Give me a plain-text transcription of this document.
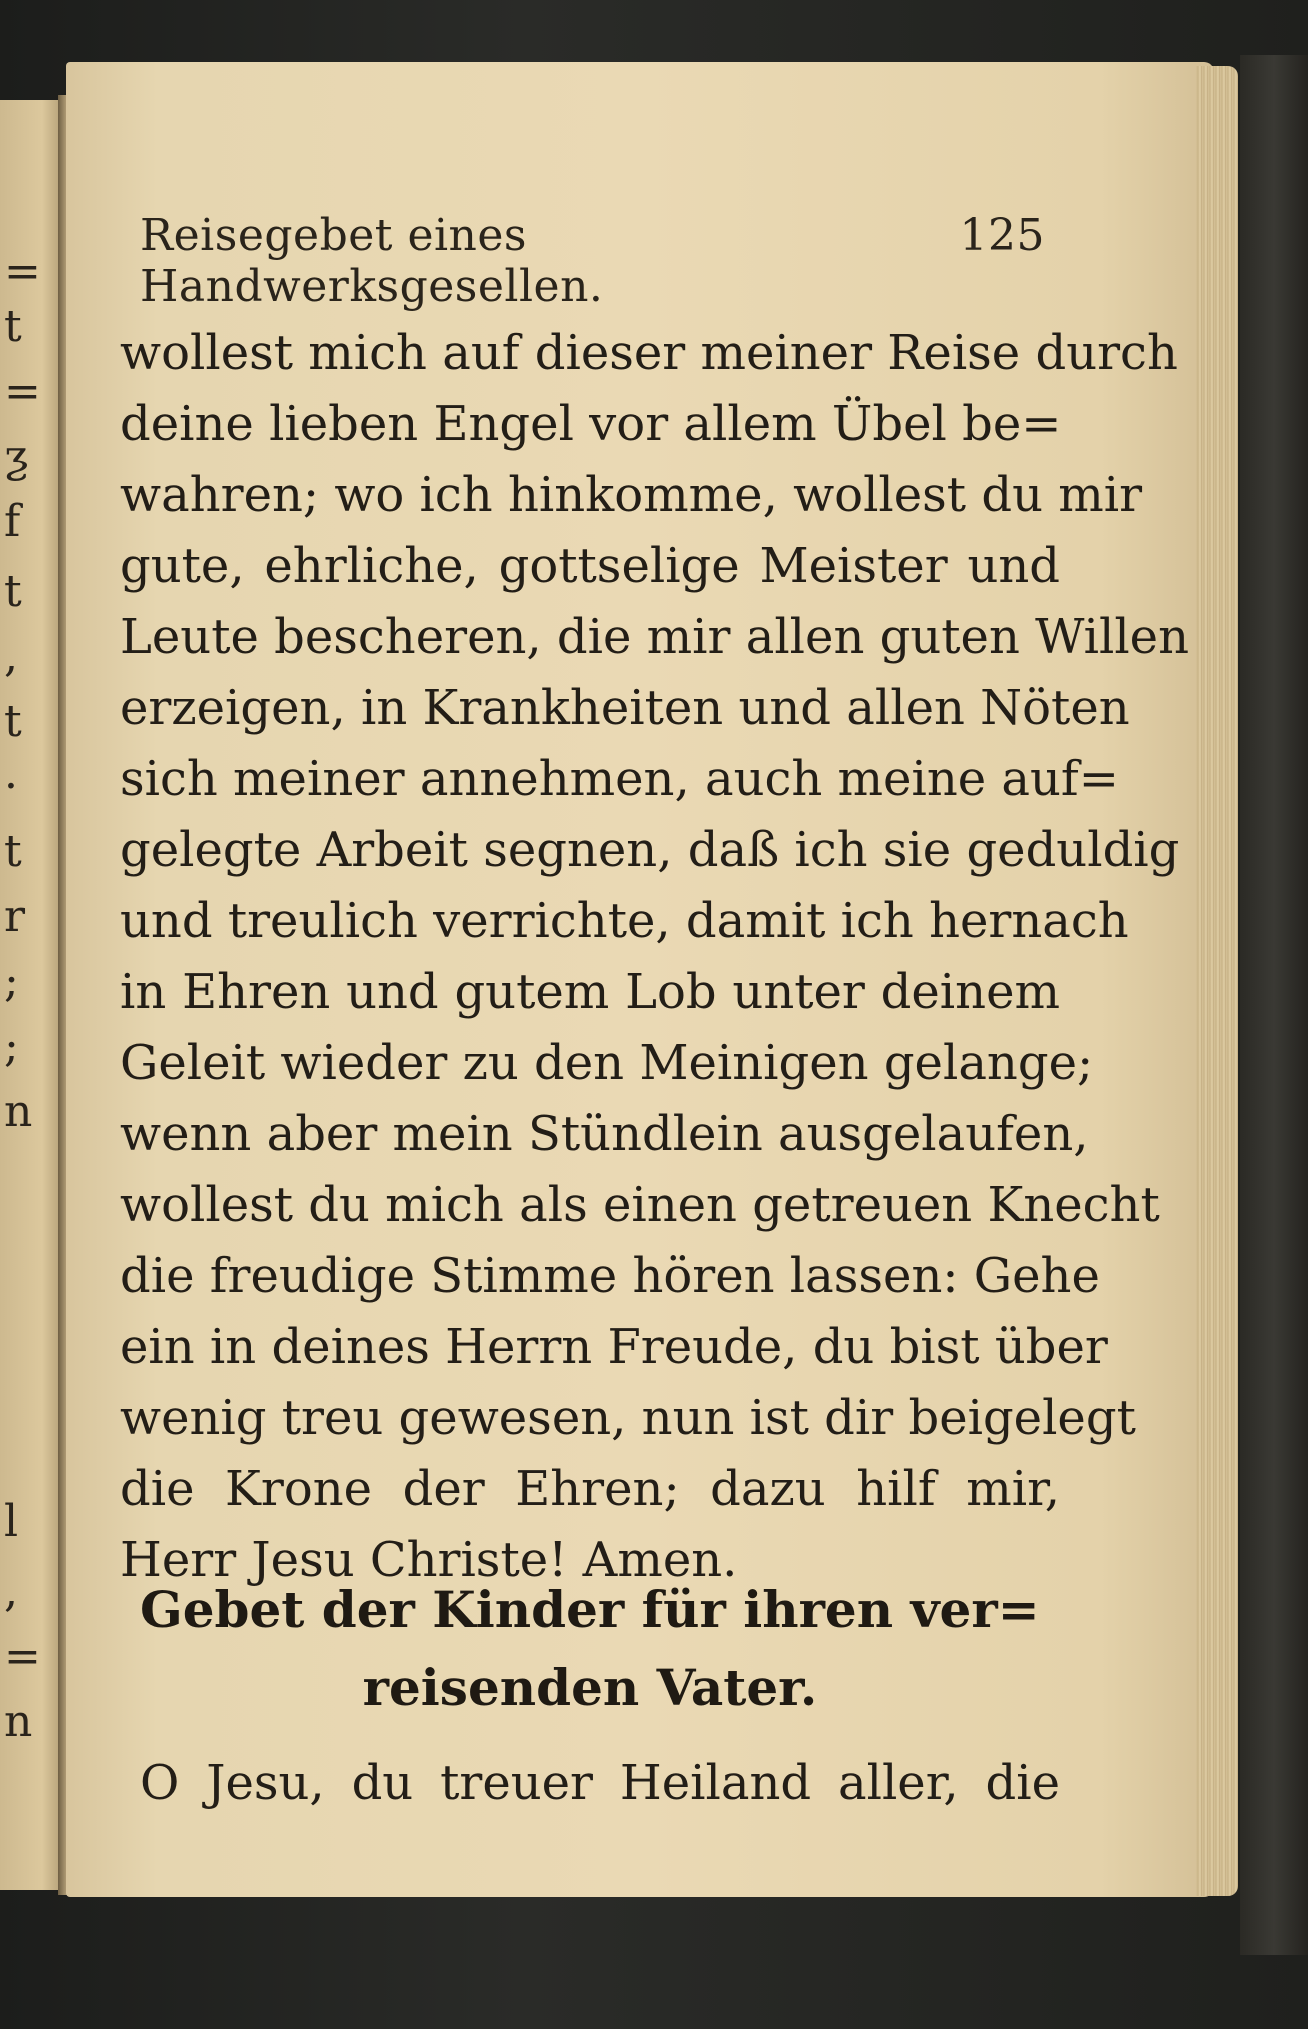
=
t
=
ƺ
f
t
,
t
·
t
r
;
;
n
l
,
=
n
Reisegebet eines Handwerksgesellen.
125
wollest mich auf dieser meiner Reise durch
deine lieben Engel vor allem Übel be=
wahren; wo ich hinkomme, wollest du mir
gute, ehrliche, gottselige Meister und
Leute bescheren, die mir allen guten Willen
erzeigen, in Krankheiten und allen Nöten
sich meiner annehmen, auch meine auf=
gelegte Arbeit segnen, daß ich sie geduldig
und treulich verrichte, damit ich hernach
in Ehren und gutem Lob unter deinem
Geleit wieder zu den Meinigen gelange;
wenn aber mein Stündlein ausgelaufen,
wollest du mich als einen getreuen Knecht
die freudige Stimme hören lassen: Gehe
ein in deines Herrn Freude, du bist über
wenig treu gewesen, nun ist dir beigelegt
die Krone der Ehren; dazu hilf mir,
Herr Jesu Christe! Amen.
Gebet der Kinder für ihren ver=
reisenden Vater.
O Jesu, du treuer Heiland aller, die
